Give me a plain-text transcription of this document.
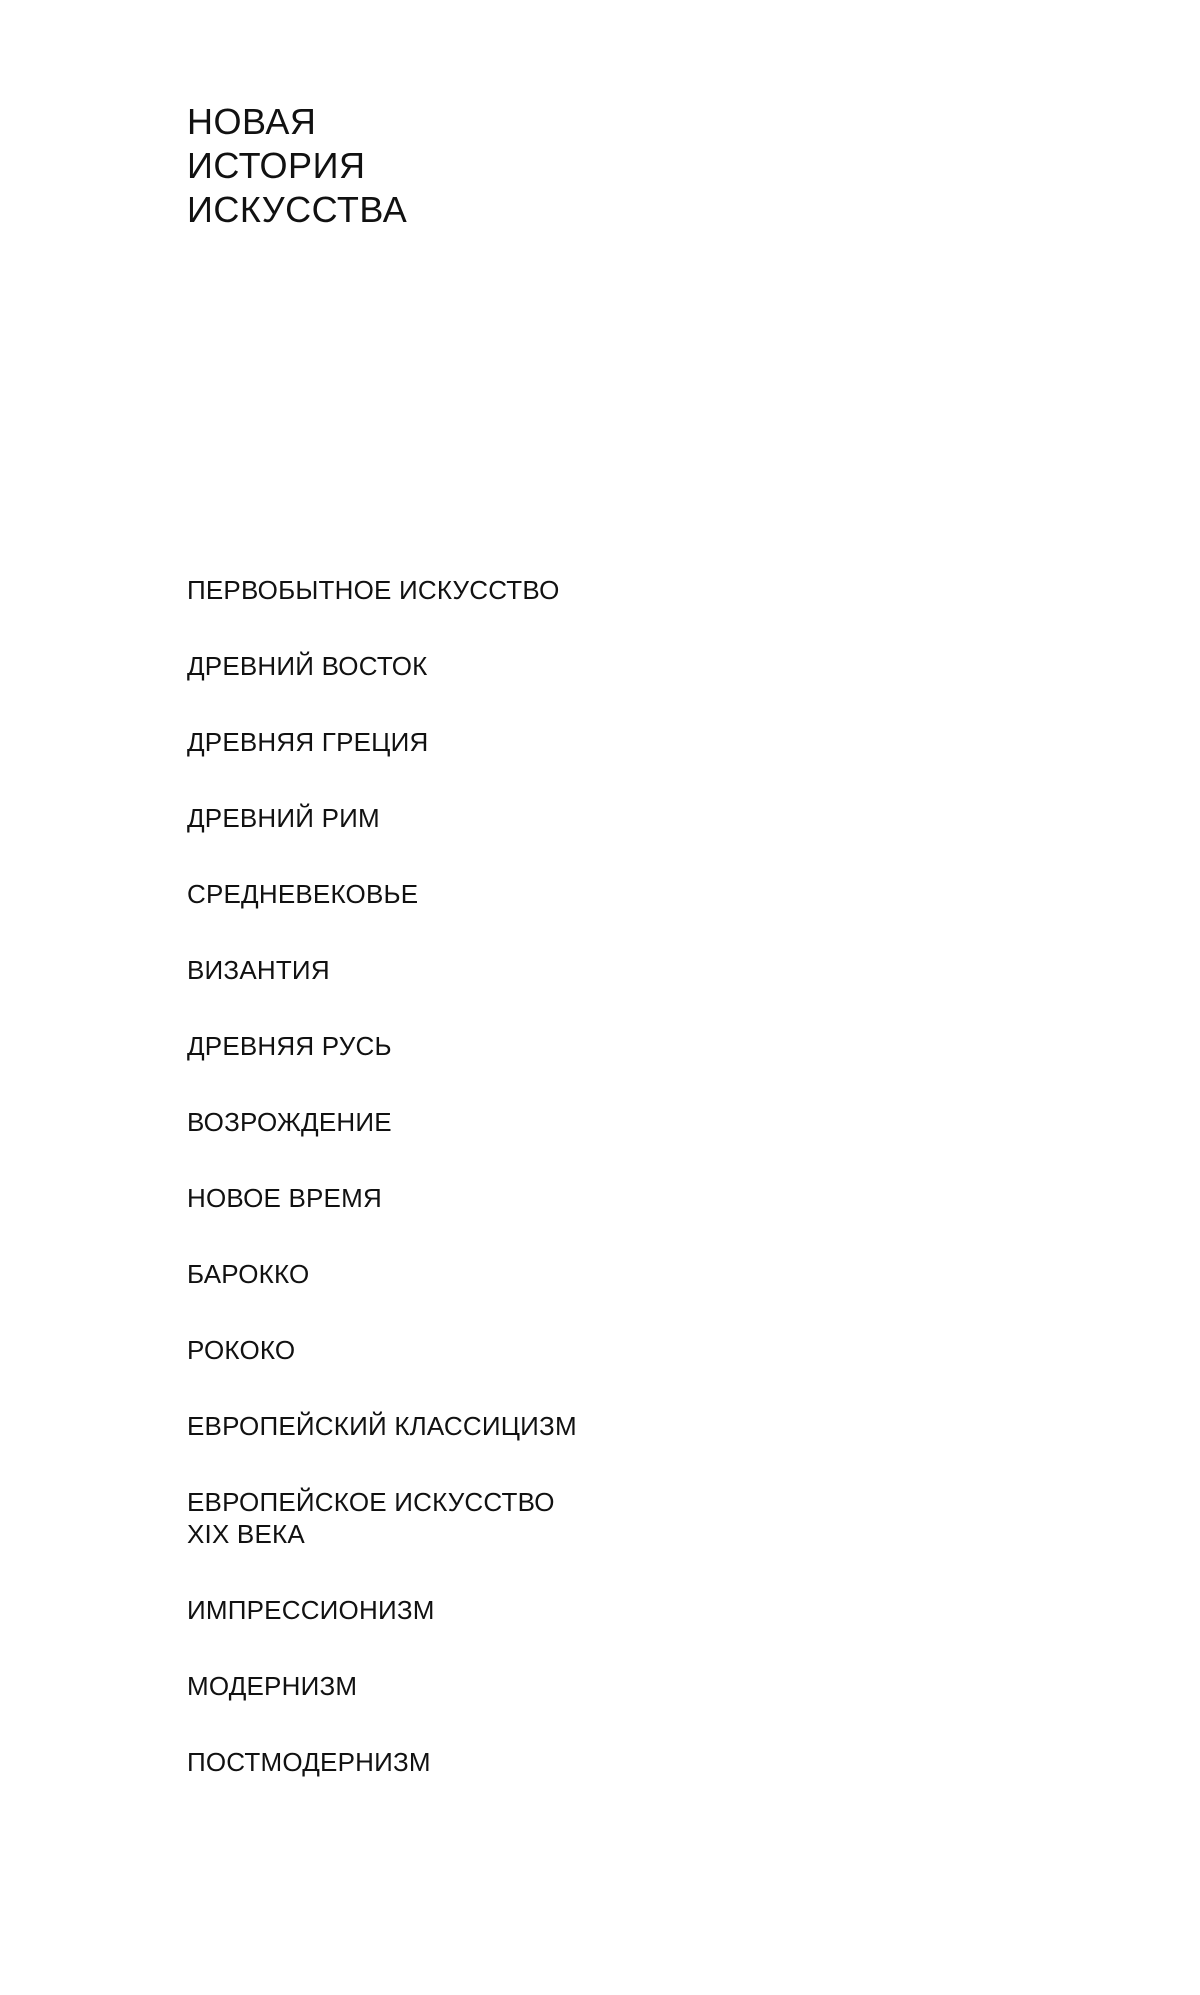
НОВАЯ
ИСТОРИЯ
ИСКУССТВА
ПЕРВОБЫТНОЕ ИСКУССТВО
ДРЕВНИЙ ВОСТОК
ДРЕВНЯЯ ГРЕЦИЯ
ДРЕВНИЙ РИМ
СРЕДНЕВЕКОВЬЕ
ВИЗАНТИЯ
ДРЕВНЯЯ РУСЬ
ВОЗРОЖДЕНИЕ
НОВОЕ ВРЕМЯ
БАРОККО
РОКОКО
ЕВРОПЕЙСКИЙ КЛАССИЦИЗМ
ЕВРОПЕЙСКОЕ ИСКУССТВО
XIX ВЕКА
ИМПРЕССИОНИЗМ
МОДЕРНИЗМ
ПОСТМОДЕРНИЗМ
